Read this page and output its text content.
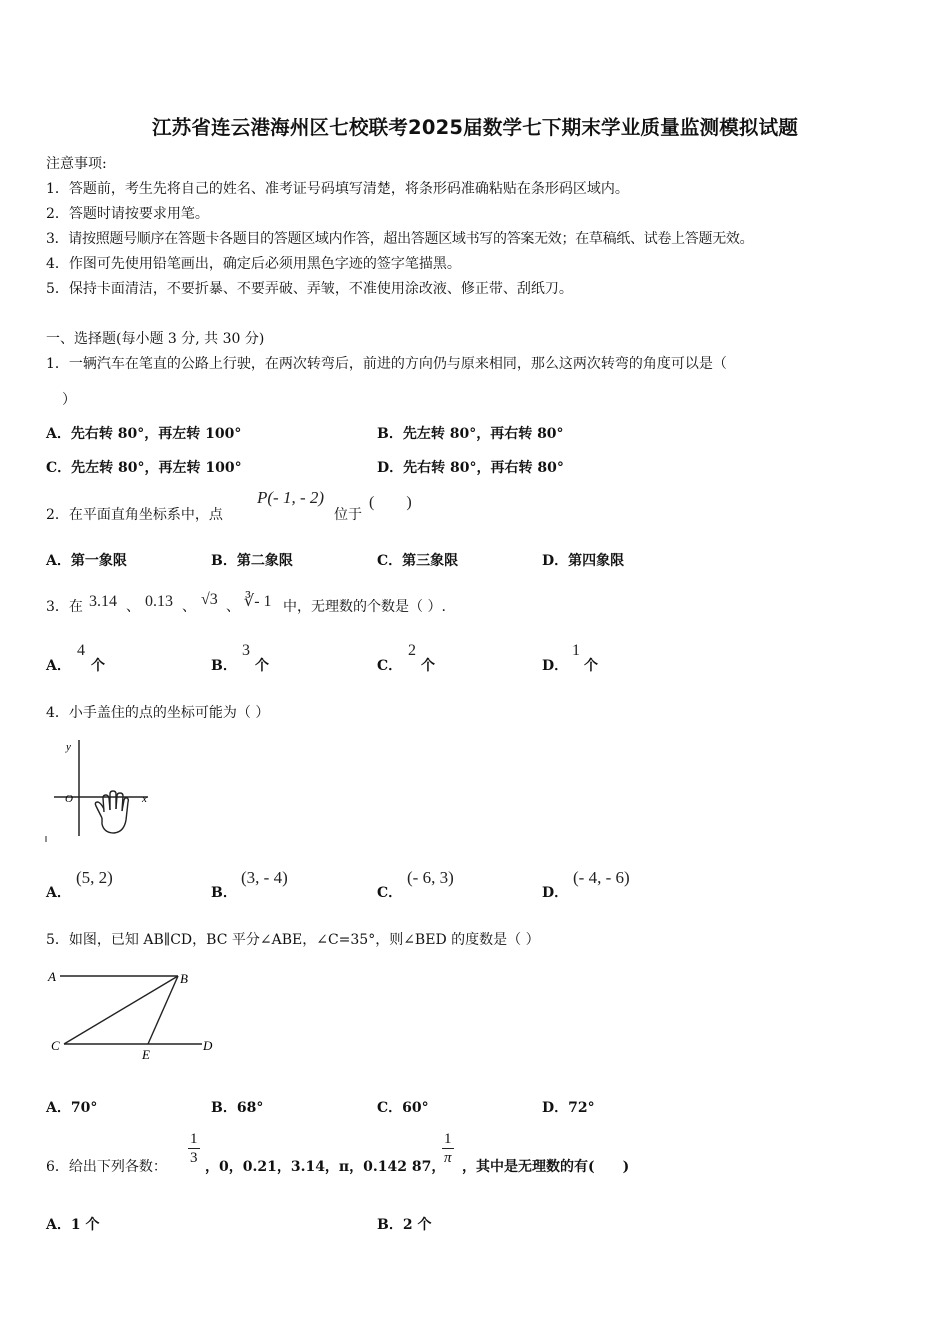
江苏省连云港海州区七校联考2025届数学七下期末学业质量监测模拟试题
注意事项:
1．答题前，考生先将自己的姓名、准考证号码填写清楚，将条形码准确粘贴在条形码区域内。
2．答题时请按要求用笔。
3．请按照题号顺序在答题卡各题目的答题区域内作答，超出答题区域书写的答案无效；在草稿纸、试卷上答题无效。
4．作图可先使用铅笔画出，确定后必须用黑色字迹的签字笔描黑。
5．保持卡面清洁，不要折暴、不要弄破、弄皱，不准使用涂改液、修正带、刮纸刀。
一、选择题(每小题 3 分, 共 30 分)
1．一辆汽车在笔直的公路上行驶，在两次转弯后，前进的方向仍与原来相同，那么这两次转弯的角度可以是（
）
A．先右转 80°，再左转 100°	B．先左转 80°，再右转 80°
C．先左转 80°，再左转 100°	D．先右转 80°，再右转 80°
2．在平面直角坐标系中，点
P(- 1, - 2)
位于
(　　)
A．第一象限	B．第二象限	C．第三象限	D．第四象限
3．在 3.14 、 0.13 、 √3 、 ∛- 1 中，无理数的个数是（ ）.
A．
4
个	B．
3
个	C．
2
个	D．
1
个
4．小手盖住的点的坐标可能为（ ）
y
O	x
A．
(5, 2)
B．
(3, - 4)
C．
(- 6, 3)
D．
(- 4, - 6)
5．如图，已知 AB∥CD，BC 平分∠ABE，∠C=35°，则∠BED 的度数是（ ）
A	B
C	D
E
A．70°	B．68°	C．60°	D．72°
6．给出下列各数： $\frac{1}{3}$ ，0，0.21，3.14，π，0.142 87，
$\frac{1}{\pi}$ ，其中是无理数的有(　　)
A．1 个	B．2 个
